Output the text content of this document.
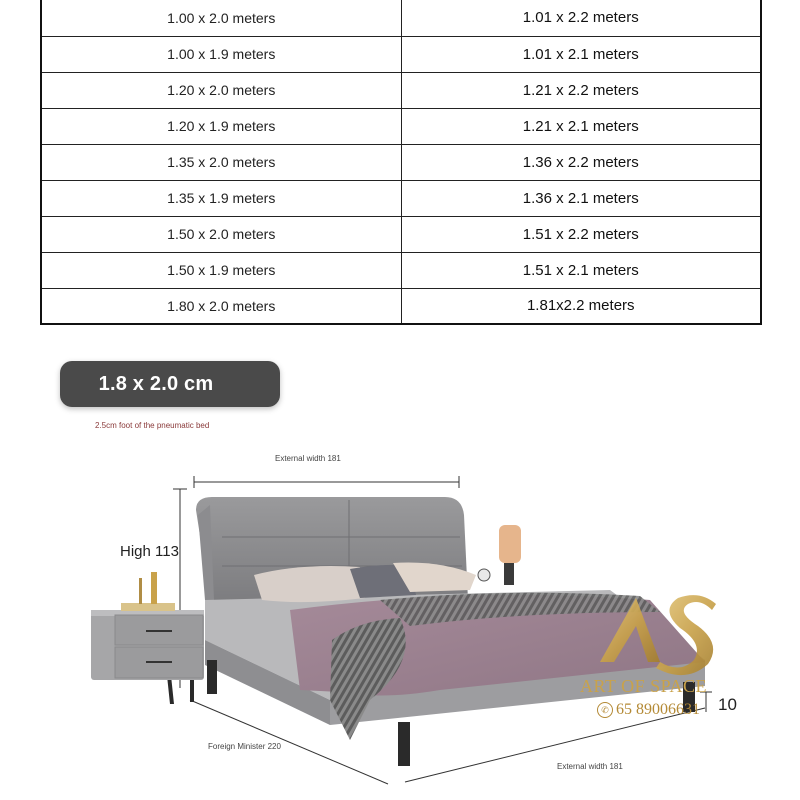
1.00 x 2.0 meters	1.01 x 2.2 meters
1.00 x 1.9 meters	1.01 x 2.1 meters
1.20 x 2.0 meters	1.21 x 2.2 meters
1.20 x 1.9 meters	1.21 x 2.1 meters
1.35 x 2.0 meters	1.36 x 2.2 meters
1.35 x 1.9 meters	1.36 x 2.1 meters
1.50 x 2.0 meters	1.51 x 2.2 meters
1.50 x 1.9 meters	1.51 x 2.1 meters
1.80 x 2.0 meters	1.81x2.2 meters
1.8 x 2.0 cm
2.5cm foot of the pneumatic bed
External width 181
High 113
Foreign Minister 220
External width 181
10
ART OF SPACE
✆ 65 89006631
